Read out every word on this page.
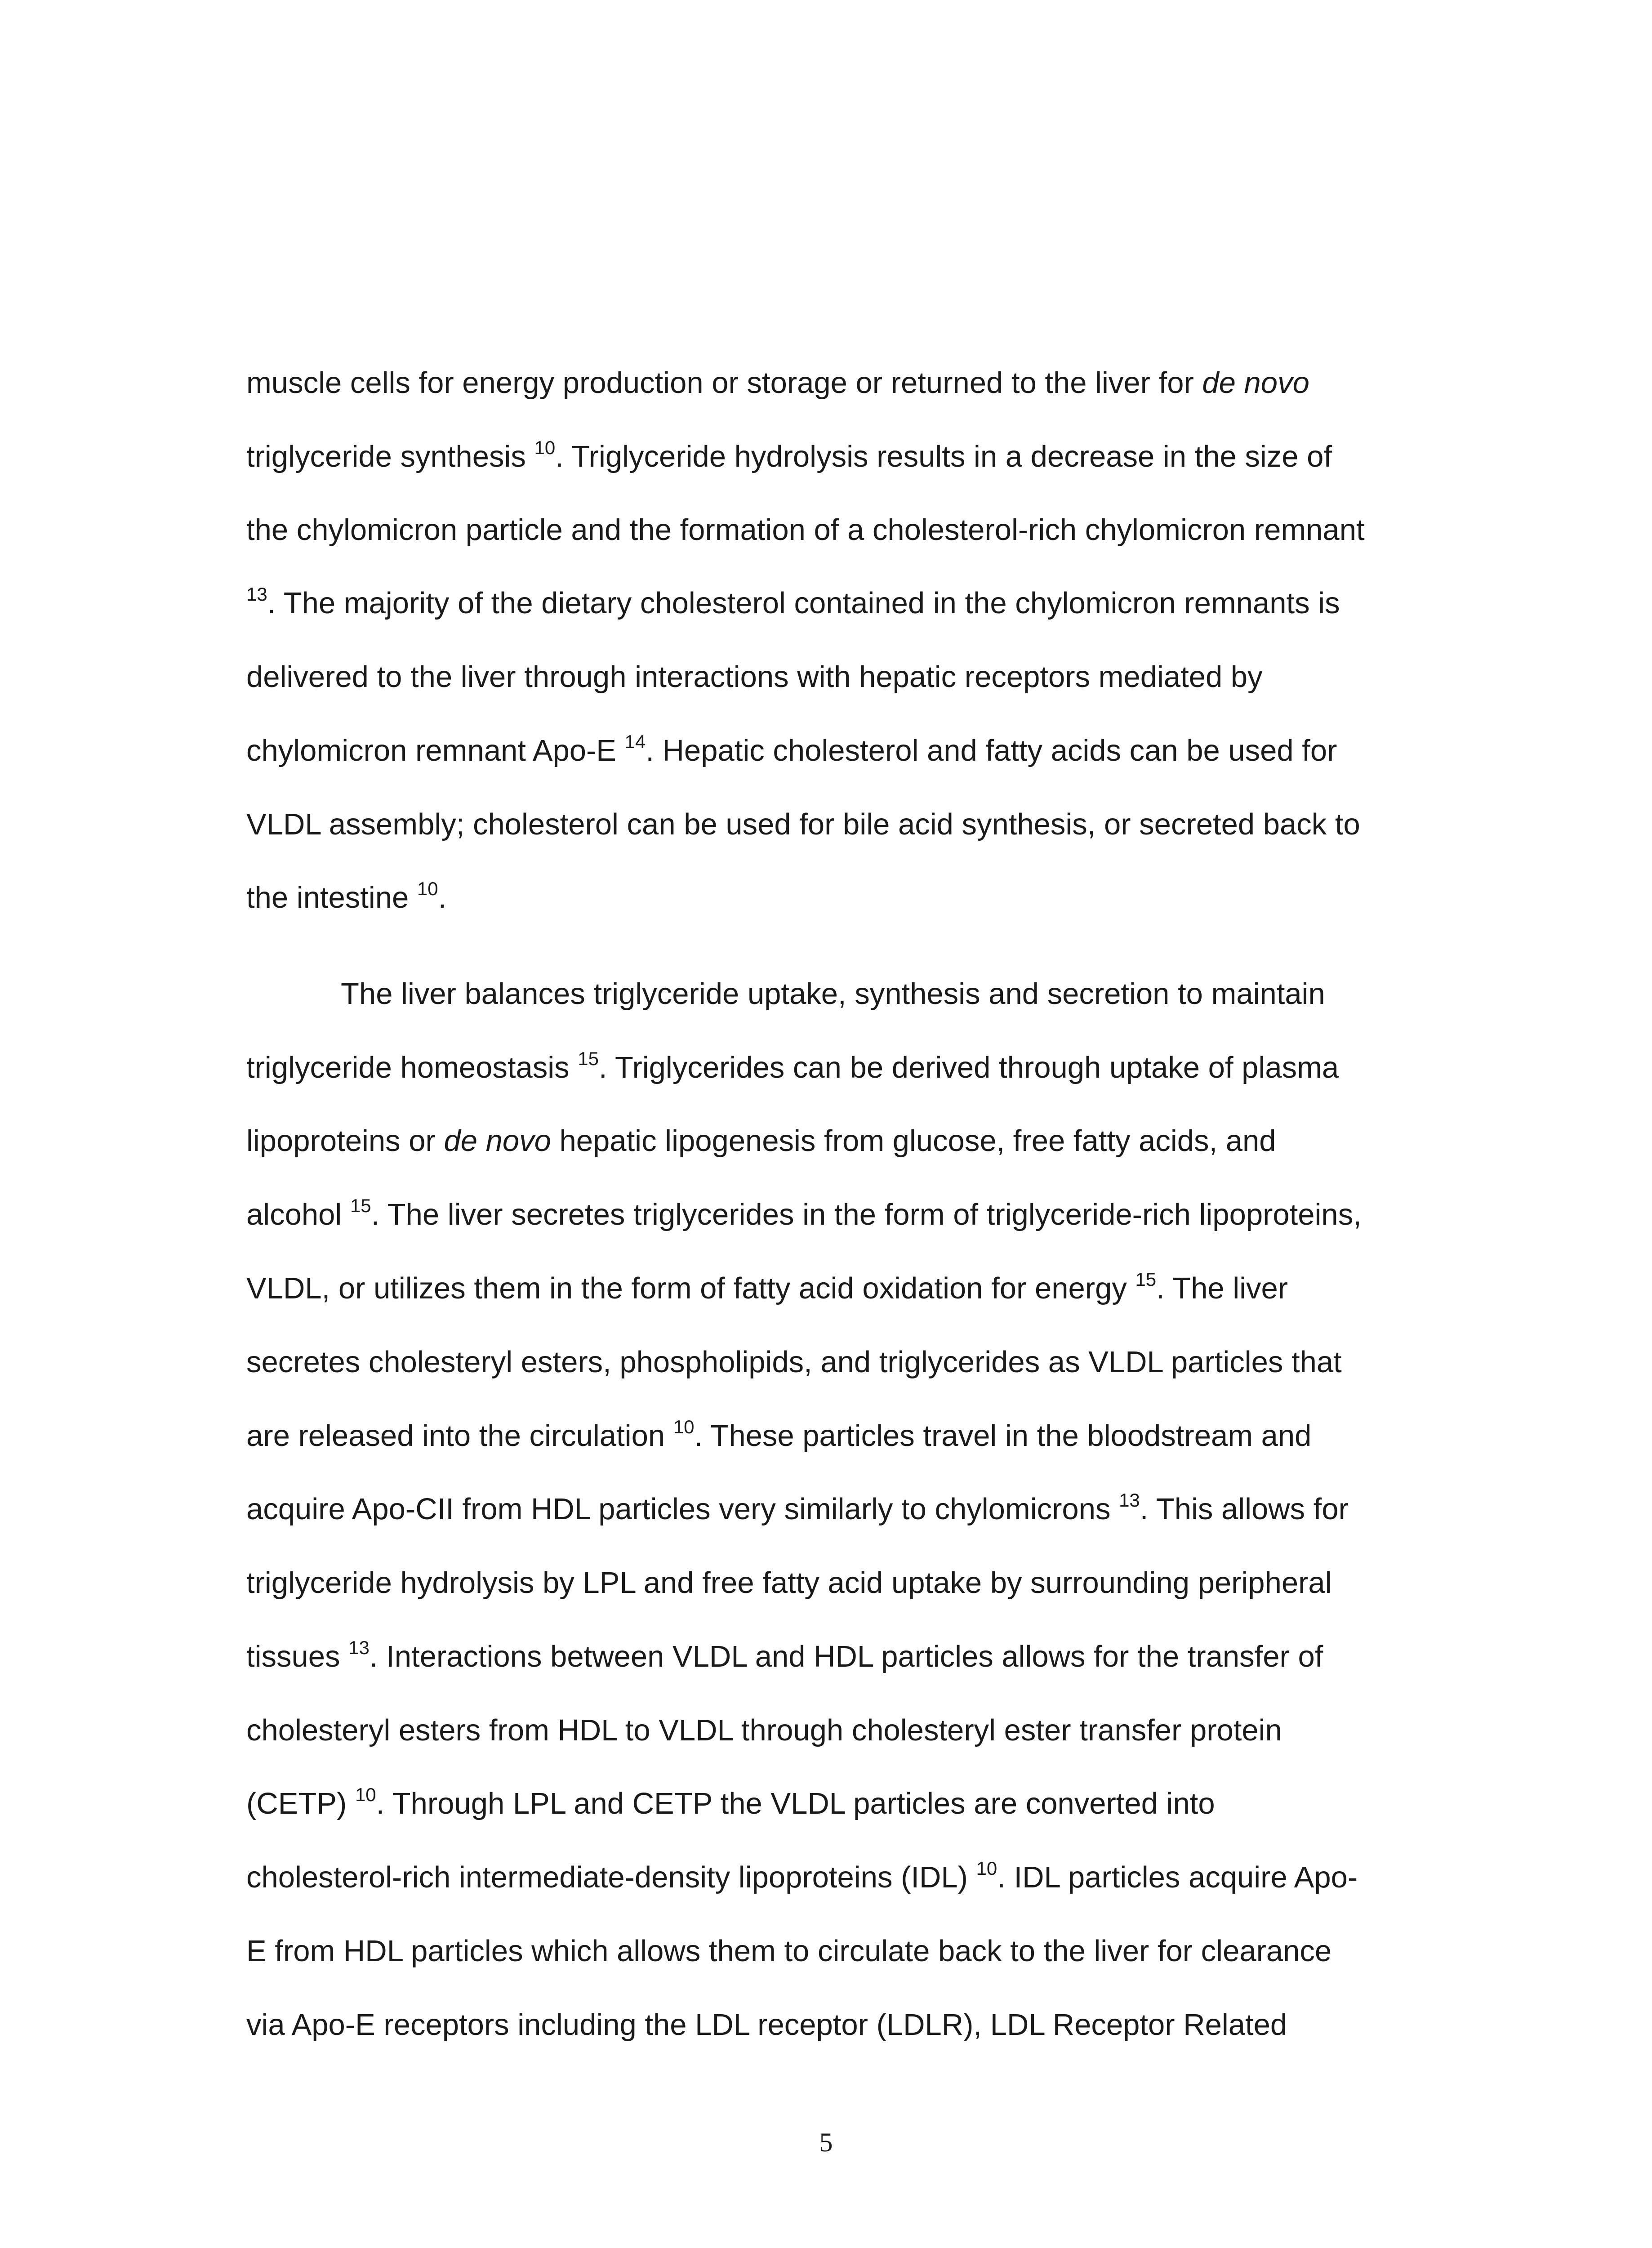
muscle cells for energy production or storage or returned to the liver for de novo
triglyceride synthesis $^{10}$. Triglyceride hydrolysis results in a decrease in the size of
the chylomicron particle and the formation of a cholesterol-rich chylomicron remnant
$^{13}$. The majority of the dietary cholesterol contained in the chylomicron remnants is
delivered to the liver through interactions with hepatic receptors mediated by
chylomicron remnant Apo-E $^{14}$. Hepatic cholesterol and fatty acids can be used for
VLDL assembly; cholesterol can be used for bile acid synthesis, or secreted back to
the intestine $^{10}$.
The liver balances triglyceride uptake, synthesis and secretion to maintain
triglyceride homeostasis $^{15}$. Triglycerides can be derived through uptake of plasma
lipoproteins or de novo hepatic lipogenesis from glucose, free fatty acids, and
alcohol $^{15}$. The liver secretes triglycerides in the form of triglyceride-rich lipoproteins,
VLDL, or utilizes them in the form of fatty acid oxidation for energy $^{15}$. The liver
secretes cholesteryl esters, phospholipids, and triglycerides as VLDL particles that
are released into the circulation $^{10}$. These particles travel in the bloodstream and
acquire Apo-CII from HDL particles very similarly to chylomicrons $^{13}$. This allows for
triglyceride hydrolysis by LPL and free fatty acid uptake by surrounding peripheral
tissues $^{13}$. Interactions between VLDL and HDL particles allows for the transfer of
cholesteryl esters from HDL to VLDL through cholesteryl ester transfer protein
(CETP) $^{10}$. Through LPL and CETP the VLDL particles are converted into
cholesterol-rich intermediate-density lipoproteins (IDL) $^{10}$. IDL particles acquire Apo-
E from HDL particles which allows them to circulate back to the liver for clearance
via Apo-E receptors including the LDL receptor (LDLR), LDL Receptor Related
5
